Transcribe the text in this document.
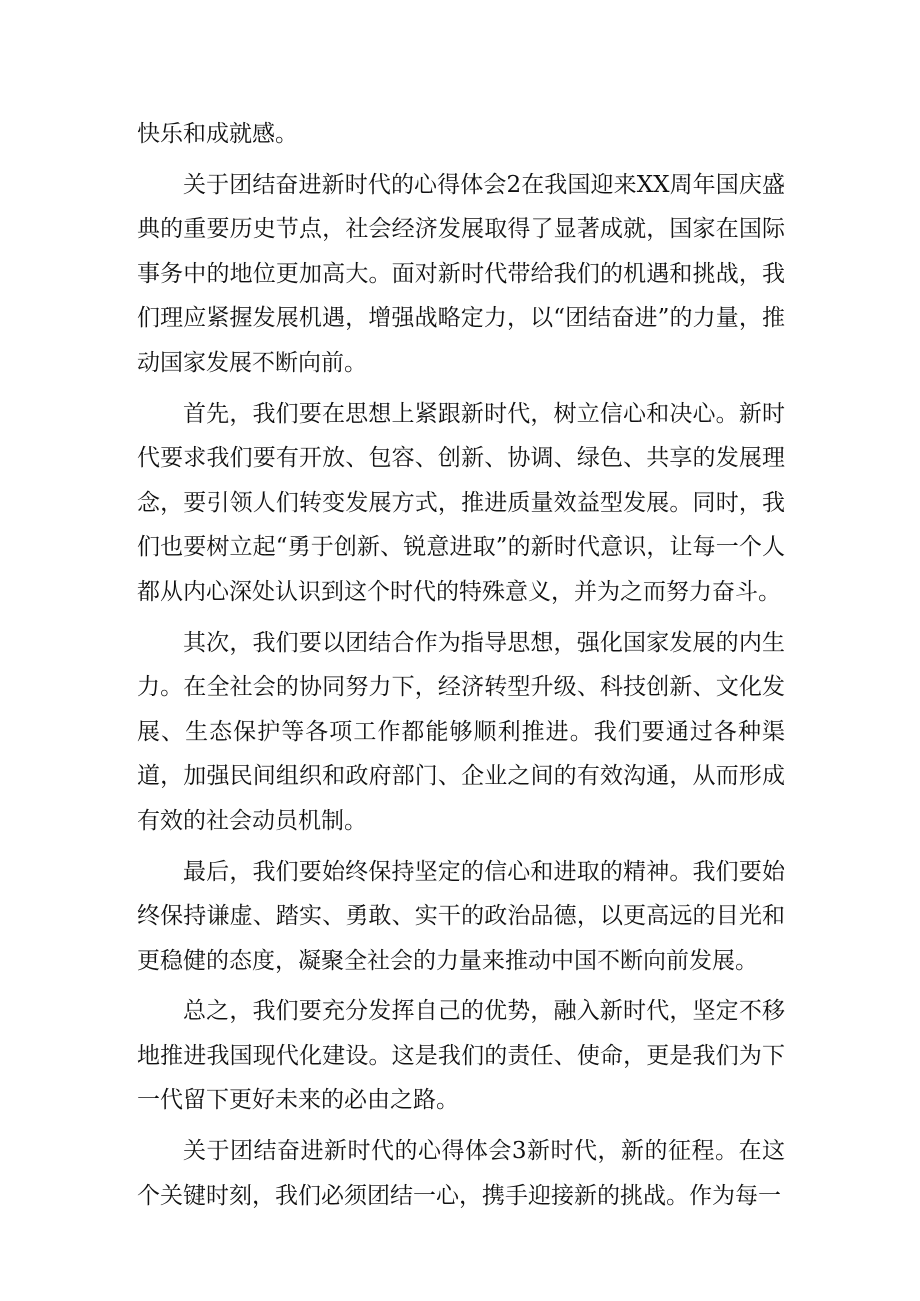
快乐和成就感。

关于团结奋进新时代的心得体会2在我国迎来XX周年国庆盛典的重要历史节点，社会经济发展取得了显著成就，国家在国际事务中的地位更加高大。面对新时代带给我们的机遇和挑战，我们理应紧握发展机遇，增强战略定力，以“团结奋进”的力量，推动国家发展不断向前。

首先，我们要在思想上紧跟新时代，树立信心和决心。新时代要求我们要有开放、包容、创新、协调、绿色、共享的发展理念，要引领人们转变发展方式，推进质量效益型发展。同时，我们也要树立起“勇于创新、锐意进取”的新时代意识，让每一个人都从内心深处认识到这个时代的特殊意义，并为之而努力奋斗。

其次，我们要以团结合作为指导思想，强化国家发展的内生力。在全社会的协同努力下，经济转型升级、科技创新、文化发展、生态保护等各项工作都能够顺利推进。我们要通过各种渠道，加强民间组织和政府部门、企业之间的有效沟通，从而形成有效的社会动员机制。

最后，我们要始终保持坚定的信心和进取的精神。我们要始终保持谦虚、踏实、勇敢、实干的政治品德，以更高远的目光和更稳健的态度，凝聚全社会的力量来推动中国不断向前发展。

总之，我们要充分发挥自己的优势，融入新时代，坚定不移地推进我国现代化建设。这是我们的责任、使命，更是我们为下一代留下更好未来的必由之路。

关于团结奋进新时代的心得体会3新时代，新的征程。在这个关键时刻，我们必须团结一心，携手迎接新的挑战。作为每一
